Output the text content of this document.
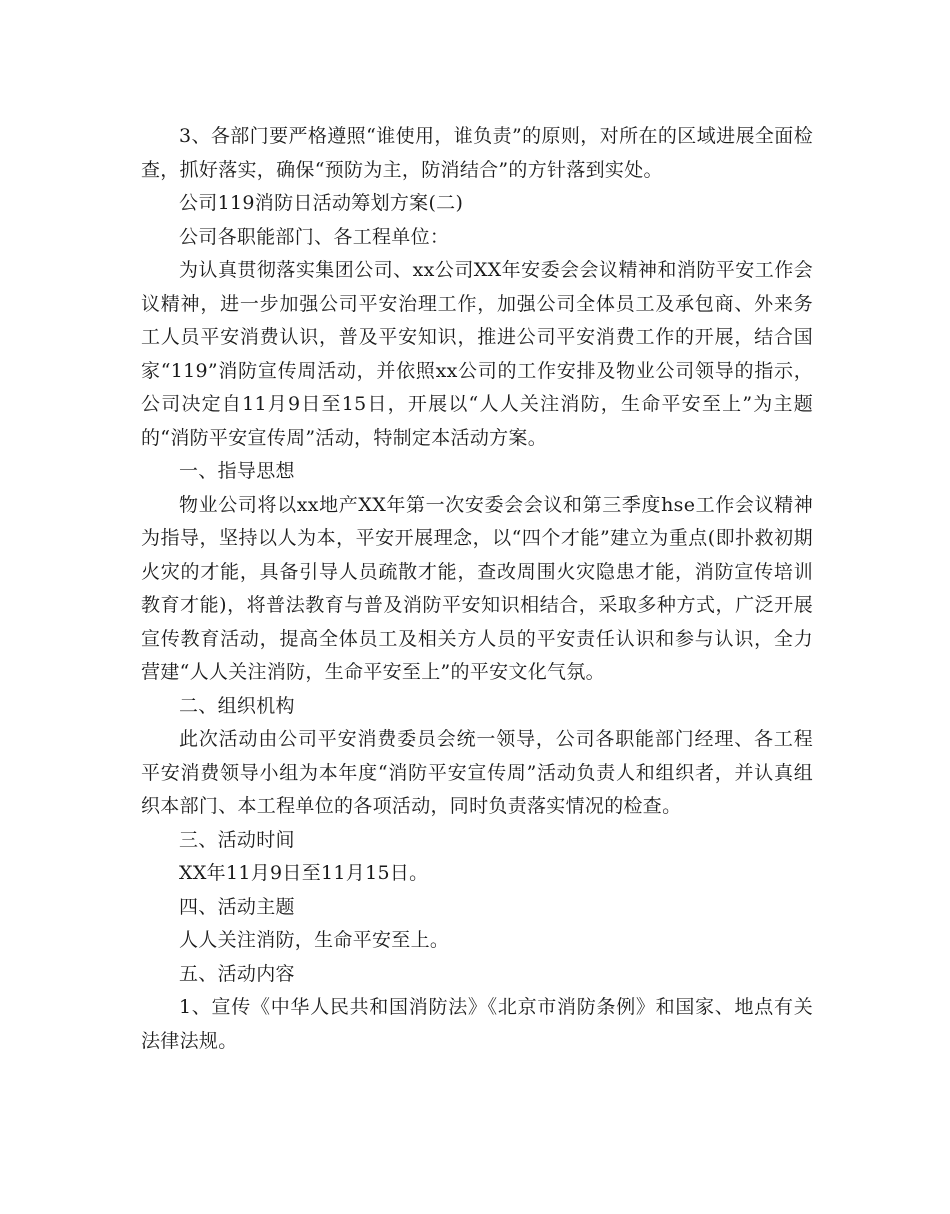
3、各部门要严格遵照“谁使用，谁负责”的原则，对所在的区域进展全面检查，抓好落实，确保“预防为主，防消结合”的方针落到实处。

公司119消防日活动筹划方案(二)

公司各职能部门、各工程单位：

为认真贯彻落实集团公司、xx公司XX年安委会会议精神和消防平安工作会议精神，进一步加强公司平安治理工作，加强公司全体员工及承包商、外来务工人员平安消费认识，普及平安知识，推进公司平安消费工作的开展，结合国家“119”消防宣传周活动，并依照xx公司的工作安排及物业公司领导的指示，公司决定自11月9日至15日，开展以“人人关注消防，生命平安至上”为主题的“消防平安宣传周”活动，特制定本活动方案。

一、指导思想

物业公司将以xx地产XX年第一次安委会会议和第三季度hse工作会议精神为指导，坚持以人为本，平安开展理念，以“四个才能”建立为重点(即扑救初期火灾的才能，具备引导人员疏散才能，查改周围火灾隐患才能，消防宣传培训教育才能)，将普法教育与普及消防平安知识相结合，采取多种方式，广泛开展宣传教育活动，提高全体员工及相关方人员的平安责任认识和参与认识，全力营建“人人关注消防，生命平安至上”的平安文化气氛。

二、组织机构

此次活动由公司平安消费委员会统一领导，公司各职能部门经理、各工程平安消费领导小组为本年度“消防平安宣传周”活动负责人和组织者，并认真组织本部门、本工程单位的各项活动，同时负责落实情况的检查。

三、活动时间

XX年11月9日至11月15日。

四、活动主题

人人关注消防，生命平安至上。

五、活动内容

1、宣传《中华人民共和国消防法》《北京市消防条例》和国家、地点有关法律法规。
